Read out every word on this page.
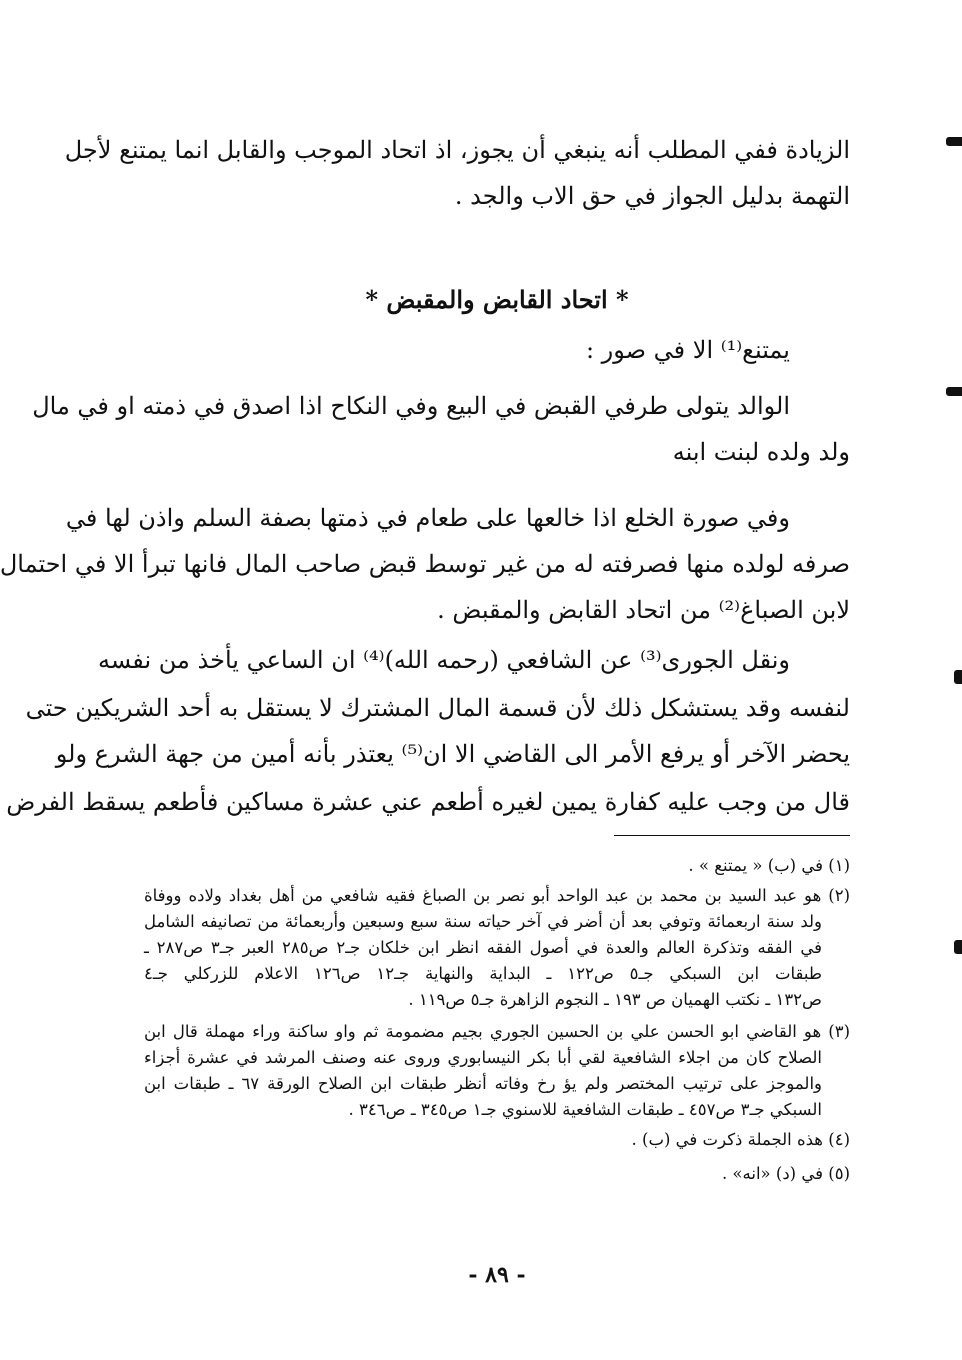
الزيادة ففي المطلب أنه ينبغي أن يجوز، اذ اتحاد الموجب والقابل انما يمتنع لأجل
التهمة بدليل الجواز في حق الاب والجد .
* اتحاد القابض والمقبض *
يمتنع⁽¹⁾ الا في صور :
الوالد يتولى طرفي القبض في البيع وفي النكاح اذا اصدق في ذمته او في مال
ولد ولده لبنت ابنه
وفي صورة الخلع اذا خالعها على طعام في ذمتها بصفة السلم واذن لها في
صرفه لولده منها فصرفته له من غير توسط قبض صاحب المال فانها تبرأ الا في احتمال
لابن الصباغ⁽²⁾ من اتحاد القابض والمقبض .
ونقل الجورى⁽³⁾ عن الشافعي (رحمه الله)⁽⁴⁾ ان الساعي يأخذ من نفسه
لنفسه وقد يستشكل ذلك لأن قسمة المال المشترك لا يستقل به أحد الشريكين حتى
يحضر الآخر أو يرفع الأمر الى القاضي الا ان⁽⁵⁾ يعتذر بأنه أمين من جهة الشرع ولو
قال من وجب عليه كفارة يمين لغيره أطعم عني عشرة مساكين فأطعم يسقط الفرض
(١) في (ب) « يمتنع » .
(٢) هو عبد السيد بن محمد بن عبد الواحد أبو نصر بن الصباغ فقيه شافعي من أهل بغداد ولاده ووفاة
ولد سنة اربعمائة وتوفي بعد أن أضر في آخر حياته سنة سبع وسبعين وأربعمائة من تصانيفه الشامل
في الفقه وتذكرة العالم والعدة في أصول الفقه انظر ابن خلكان جـ٢ ص٢٨٥ العبر جـ٣ ص٢٨٧ ـ
طبقات ابن السبكي جـ٥ ص١٢٢ ـ البداية والنهاية جـ١٢ ص١٢٦ الاعلام للزركلي جـ٤
ص١٣٢ ـ نكتب الهميان ص ١٩٣ ـ النجوم الزاهرة جـ٥ ص١١٩ .
(٣) هو القاضي ابو الحسن علي بن الحسين الجوري بجيم مضمومة ثم واو ساكنة وراء مهملة قال ابن
الصلاح كان من اجلاء الشافعية لقي أبا بكر النيسابوري وروى عنه وصنف المرشد في عشرة أجزاء
والموجز على ترتيب المختصر ولم يؤ رخ وفاته أنظر طبقات ابن الصلاح الورقة ٦٧ ـ طبقات ابن
السبكي جـ٣ ص٤٥٧ ـ طبقات الشافعية للاسنوي جـ١ ص٣٤٥ ـ ص٣٤٦ .
(٤) هذه الجملة ذكرت في (ب) .
(٥) في (د) «انه» .
- ٨٩ -
